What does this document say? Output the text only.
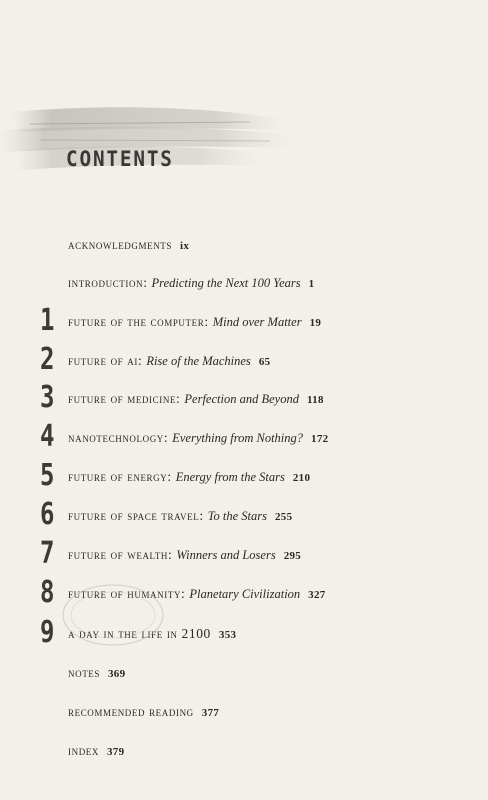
CONTENTS
acknowledgments ix
introduction: Predicting the Next 100 Years 1
1 future of the computer: Mind over Matter 19
2 future of ai: Rise of the Machines 65
3 future of medicine: Perfection and Beyond 118
4 nanotechnology: Everything from Nothing? 172
5 future of energy: Energy from the Stars 210
6 future of space travel: To the Stars 255
7 future of wealth: Winners and Losers 295
8 future of humanity: Planetary Civilization 327
9 a day in the life in 2100 353
notes 369
recommended reading 377
index 379
